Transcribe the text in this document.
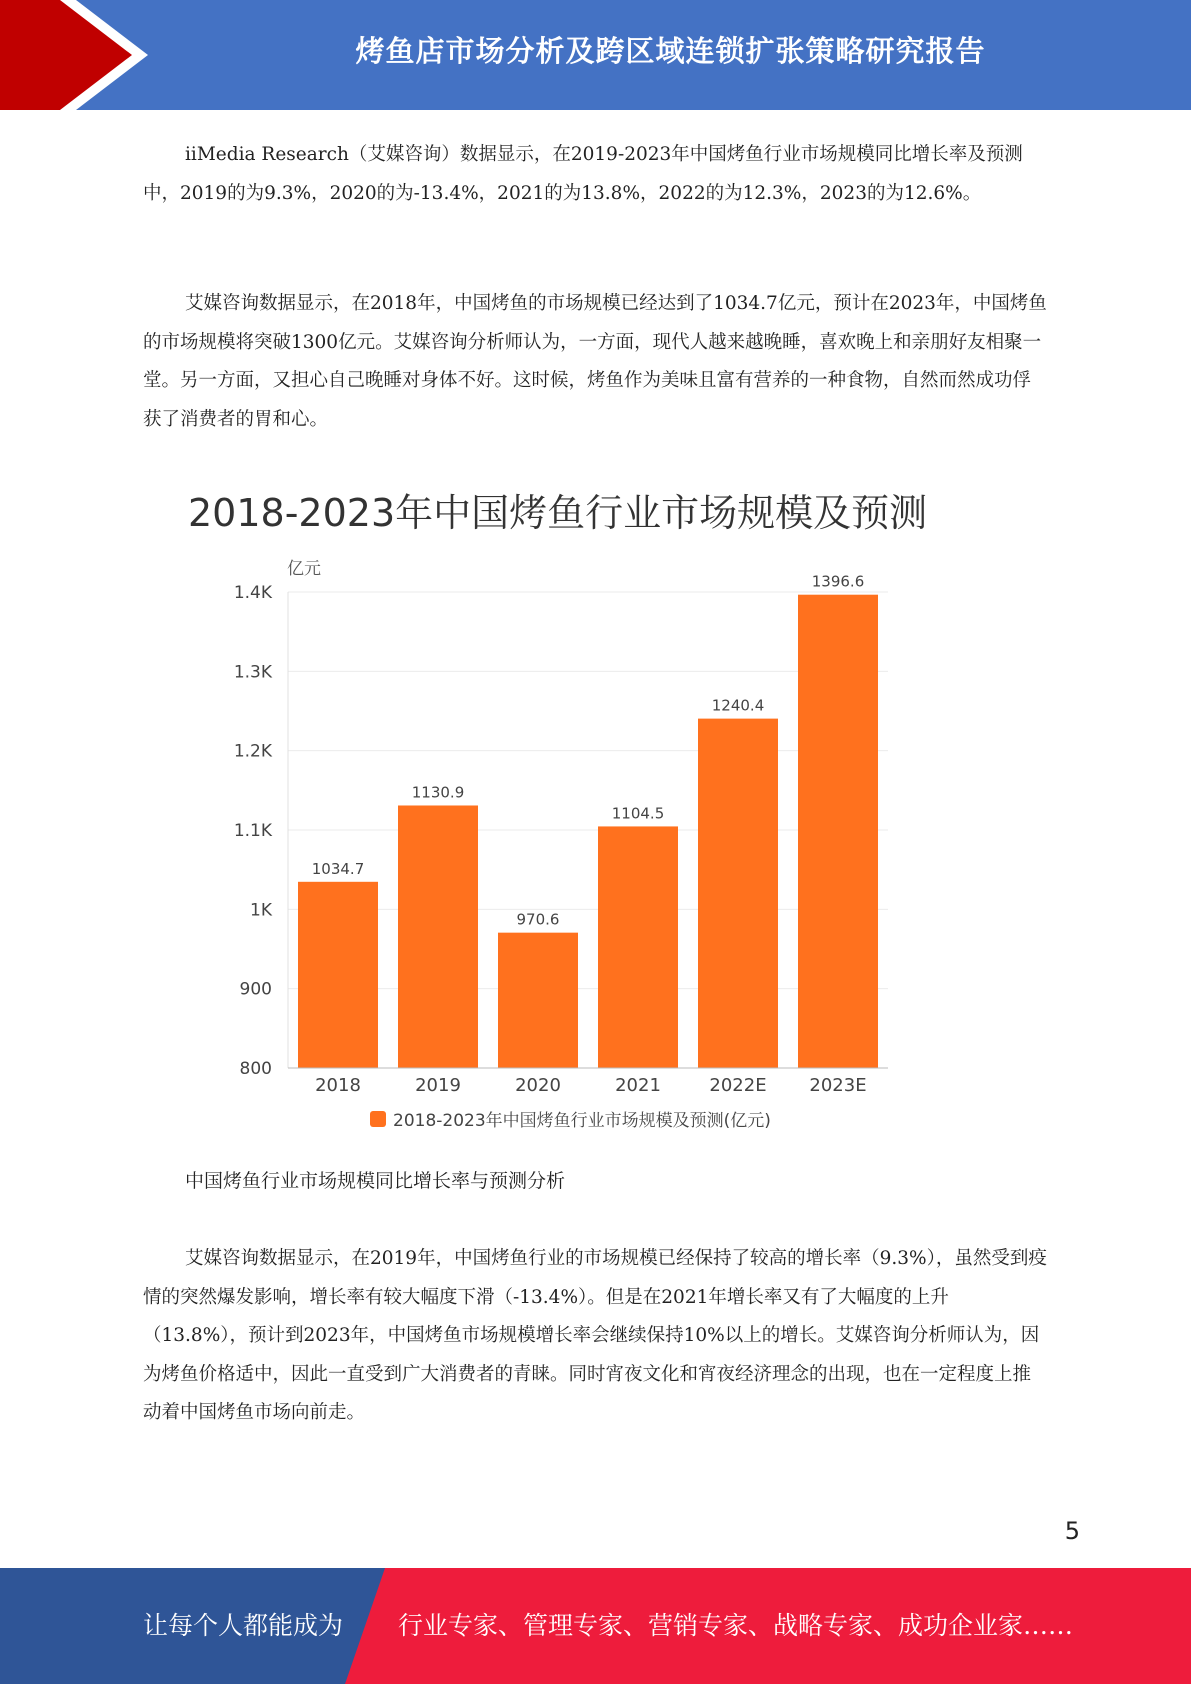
烤鱼店市场分析及跨区域连锁扩张策略研究报告

iiMedia Research（艾媒咨询）数据显示，在2019-2023年中国烤鱼行业市场规模同比增长率及预测中，2019的为9.3%，2020的为-13.4%，2021的为13.8%，2022的为12.3%，2023的为12.6%。

艾媒咨询数据显示，在2018年，中国烤鱼的市场规模已经达到了1034.7亿元，预计在2023年，中国烤鱼的市场规模将突破1300亿元。艾媒咨询分析师认为，一方面，现代人越来越晚睡，喜欢晚上和亲朋好友相聚一堂。另一方面，又担心自己晚睡对身体不好。这时候，烤鱼作为美味且富有营养的一种食物，自然而然成功俘获了消费者的胃和心。

2018-2023年中国烤鱼行业市场规模及预测
亿元
800
900
1K
1.1K
1.2K
1.3K
1.4K
1034.7
1130.9
970.6
1104.5
1240.4
1396.6
2018	2019	2020	2021	2022E 2023E
2018-2023年中国烤鱼行业市场规模及预测(亿元)
中国烤鱼行业市场规模同比增长率与预测分析

艾媒咨询数据显示，在2019年，中国烤鱼行业的市场规模已经保持了较高的增长率（9.3%），虽然受到疫情的突然爆发影响，增长率有较大幅度下滑（-13.4%）。但是在2021年增长率又有了大幅度的上升（13.8%），预计到2023年，中国烤鱼市场规模增长率会继续保持10%以上的增长。艾媒咨询分析师认为，因为烤鱼价格适中，因此一直受到广大消费者的青睐。同时宵夜文化和宵夜经济理念的出现，也在一定程度上推动着中国烤鱼市场向前走。

5
让每个人都能成为 行业专家、管理专家、营销专家、战略专家、成功企业家……
